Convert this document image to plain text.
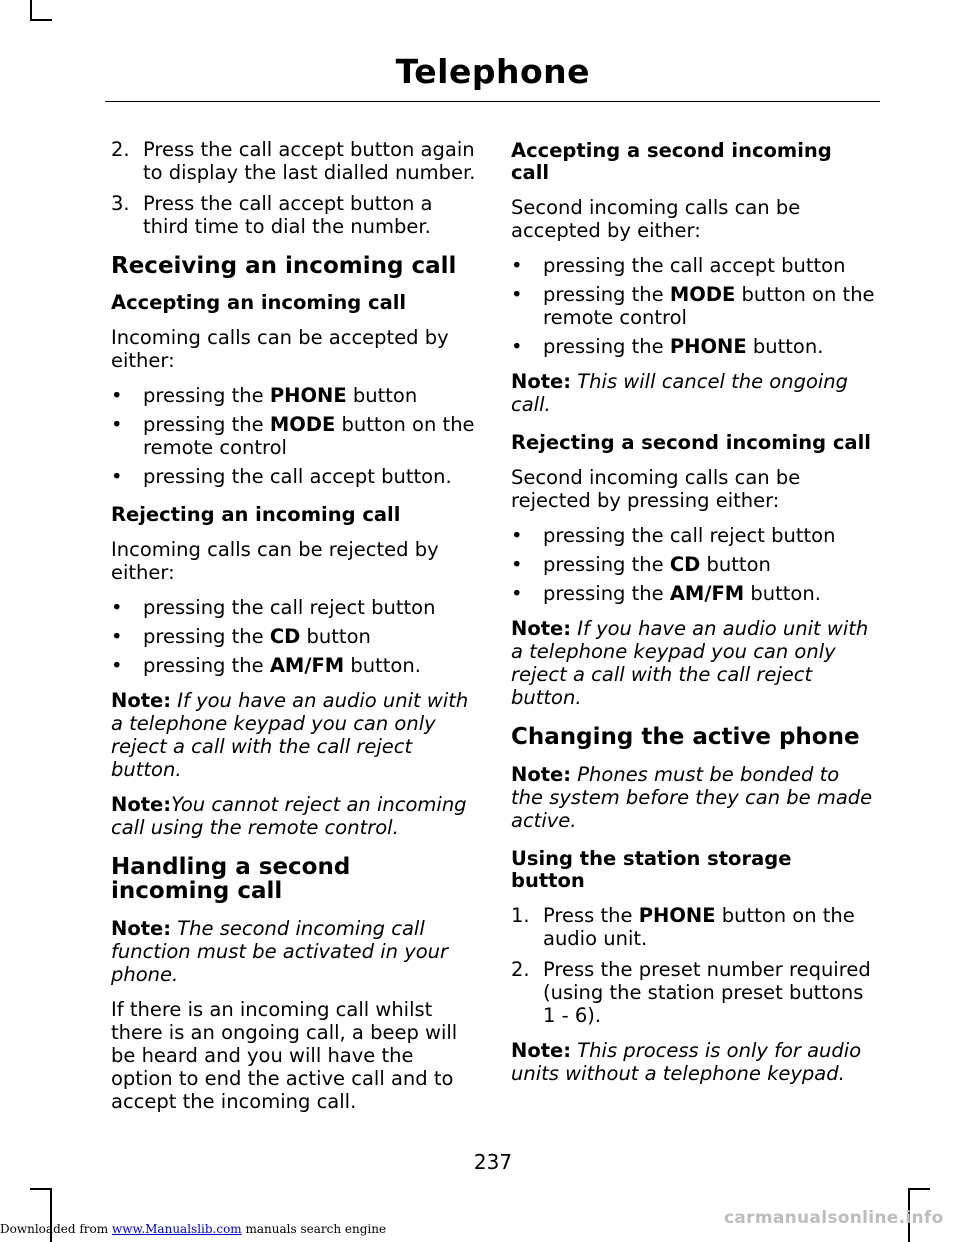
Telephone
2. Press the call accept button again to display the last dialled number.
3. Press the call accept button a third time to dial the number.
Receiving an incoming call
Accepting an incoming call

Incoming calls can be accepted by either:

• pressing the PHONE button
• pressing the MODE button on the remote control
• pressing the call accept button.
Rejecting an incoming call

Incoming calls can be rejected by either:

• pressing the call reject button
• pressing the CD button
• pressing the AM/FM button.

Note: If you have an audio unit with a telephone keypad you can only reject a call with the call reject button.

Note:You cannot reject an incoming call using the remote control.

Handling a second incoming call

Note: The second incoming call function must be activated in your phone.

If there is an incoming call whilst there is an ongoing call, a beep will be heard and you will have the option to end the active call and to accept the incoming call.

Accepting a second incoming call

Second incoming calls can be accepted by either:

• pressing the call accept button
• pressing the MODE button on the remote control
• pressing the PHONE button.

Note: This will cancel the ongoing call.

Rejecting a second incoming call

Second incoming calls can be rejected by pressing either:

• pressing the call reject button
• pressing the CD button
• pressing the AM/FM button.

Note: If you have an audio unit with a telephone keypad you can only reject a call with the call reject button.

Changing the active phone

Note: Phones must be bonded to the system before they can be made active.

Using the station storage button
1. Press the PHONE button on the audio unit.
2. Press the preset number required (using the station preset buttons 1 - 6).

Note: This process is only for audio units without a telephone keypad.

237
Downloaded from www.Manualslib.com manuals search engine
carmanualsonline.info
